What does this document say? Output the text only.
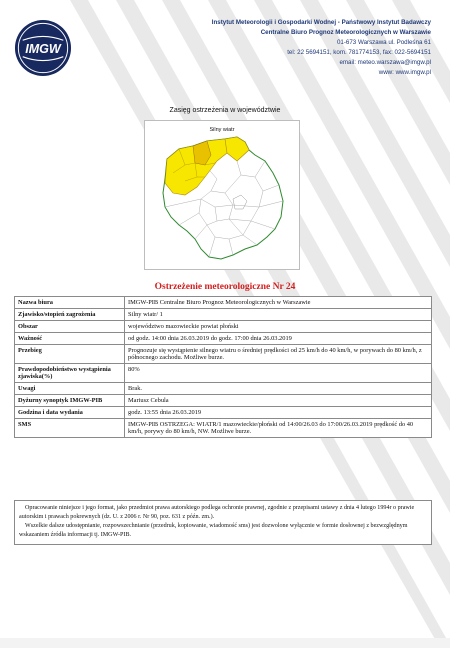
IMGW
Instytut Meteorologii i Gospodarki Wodnej - Państwowy Instytut Badawczy
Centralne Biuro Prognoz Meteorologicznych w Warszawie
01-673 Warszawa ul. Podleśna 61
tel: 22 5694151, kom. 781774153, fax: 022-5694151
email: meteo.warszawa@imgw.pl
www: www.imgw.pl
Zasięg ostrzeżenia w województwie
Silny wiatr
Ostrzeżenie meteorologiczne Nr 24
Nazwa biura	IMGW-PIB Centralne Biuro Prognoz Meteorologicznych w Warszawie
Zjawisko/stopień zagrożenia	Silny wiatr/ 1
Obszar	województwo mazowieckie powiat płoński
Ważność	od godz. 14:00 dnia 26.03.2019 do godz. 17:00 dnia 26.03.2019
Przebieg	Prognozuje się wystąpienie silnego wiatru o średniej prędkości od 25 km/h do 40 km/h, w porywach do 80 km/h, z północnego zachodu. Możliwe burze.
Prawdopodobieństwo wystąpienia zjawiska(%)	80%
Uwagi	Brak.
Dyżurny synoptyk IMGW-PIB	Mariusz Cebula
Godzina i data wydania	godz. 13:55 dnia 26.03.2019
SMS	IMGW-PIB OSTRZEGA: WIATR/1 mazowieckie/płoński od 14:00/26.03 do 17:00/26.03.2019 prędkość do 40 km/h, porywy do 80 km/h, NW. Możliwe burze.

Opracowanie niniejsze i jego format, jako przedmiot prawa autorskiego podlega ochronie prawnej, zgodnie z przepisami ustawy z dnia 4 lutego 1994r o prawie autorskim i prawach pokrewnych (dz. U. z 2006 r. Nr 90, poz. 631 z późn. zm.).

Wszelkie dalsze udostępnianie, rozpowszechnianie (przedruk, kopiowanie, wiadomość sms) jest dozwolone wyłącznie w formie dosłownej z bezwzględnym wskazaniem źródła informacji tj. IMGW-PIB.
